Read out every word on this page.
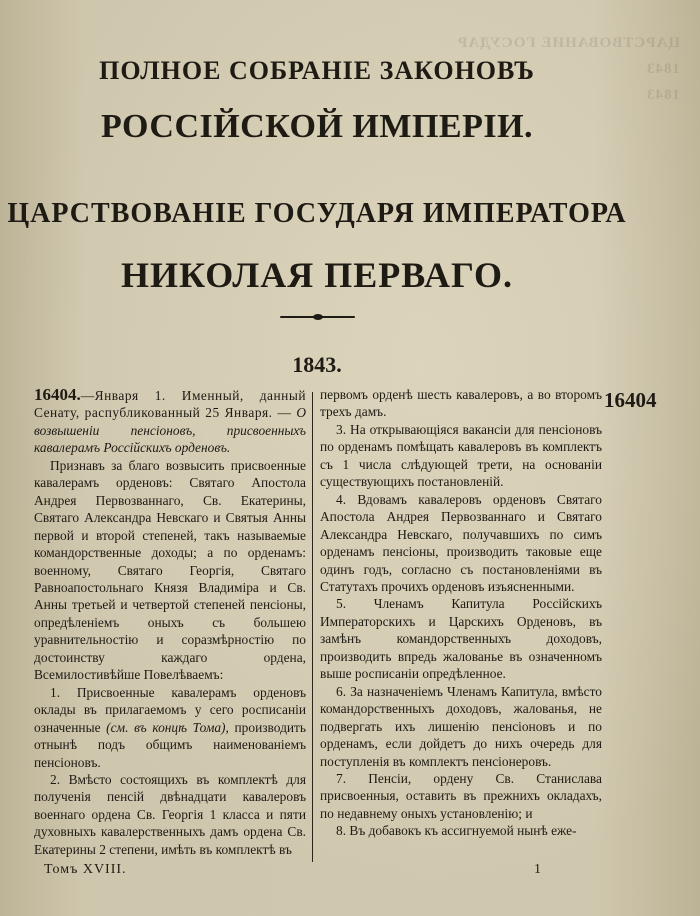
ЦАРСТВОВАНИЕ ГОСУДАР
1843
1843
ПОЛНОЕ СОБРАНІЕ ЗАКОНОВЪ
РОССІЙСКОЙ ИМПЕРІИ.
ЦАРСТВОВАНІЕ ГОСУДАРЯ ИМПЕРАТОРА
НИКОЛАЯ ПЕРВАГО.
1843.
16404

16404.—Января 1. Именный, данный Сенату, распубликованный 25 Января. — О возвышеніи пенсіоновъ, присвоенныхъ кавалерамъ Россійскихъ орденовъ.

Признавъ за благо возвысить присвоенные кавалерамъ орденовъ: Святаго Апостола Андрея Первозваннаго, Св. Екатерины, Святаго Александра Невскаго и Святыя Анны первой и второй степеней, такъ называемые командорственные доходы; а по орденамъ: военному, Святаго Георгія, Святаго Равноапостольнаго Князя Владиміра и Св. Анны третьей и четвертой степеней пенсіоны, опредѣленіемъ оныхъ съ большею уравнительностію и соразмѣрностію по достоинству каждаго ордена, Всемилостивѣйше Повелѣваемъ:

1. Присвоенные кавалерамъ орденовъ оклады въ прилагаемомъ у сего росписаніи означенные (см. въ концѣ Тома), производить отнынѣ подъ общимъ наименованіемъ пенсіоновъ.

2. Вмѣсто состоящихъ въ комплектѣ для полученія пенсій двѣнадцати кавалеровъ военнаго ордена Св. Георгія 1 класса и пяти духовныхъ кавалерственныхъ дамъ ордена Св. Екатерины 2 степени, имѣть въ комплектѣ въ

первомъ орденѣ шесть кавалеровъ, а во второмъ трехъ дамъ.

3. На открывающіяся вакансіи для пенсіоновъ по орденамъ помѣщать кавалеровъ въ комплектъ съ 1 числа слѣдующей трети, на основаніи существующихъ постановленій.

4. Вдовамъ кавалеровъ орденовъ Святаго Апостола Андрея Первозваннаго и Святаго Александра Невскаго, получавшихъ по симъ орденамъ пенсіоны, производить таковые еще одинъ годъ, согласно съ постановленіями въ Статутахъ прочихъ орденовъ изъясненными.

5. Членамъ Капитула Россійскихъ Императорскихъ и Царскихъ Орденовъ, въ замѣнъ командорственныхъ доходовъ, производить впредь жалованье въ означенномъ выше росписаніи опредѣленное.

6. За назначеніемъ Членамъ Капитула, вмѣсто командорственныхъ доходовъ, жалованья, не подвергать ихъ лишенію пенсіоновъ и по орденамъ, если дойдетъ до нихъ очередь для поступленія въ комплектъ пенсіонеровъ.

7. Пенсіи, ордену Св. Станислава присвоенныя, оставить въ прежнихъ окладахъ, по недавнему оныхъ установленію; и

8. Въ добавокъ къ ассигнуемой нынѣ еже-

Томъ XVIII.	1
